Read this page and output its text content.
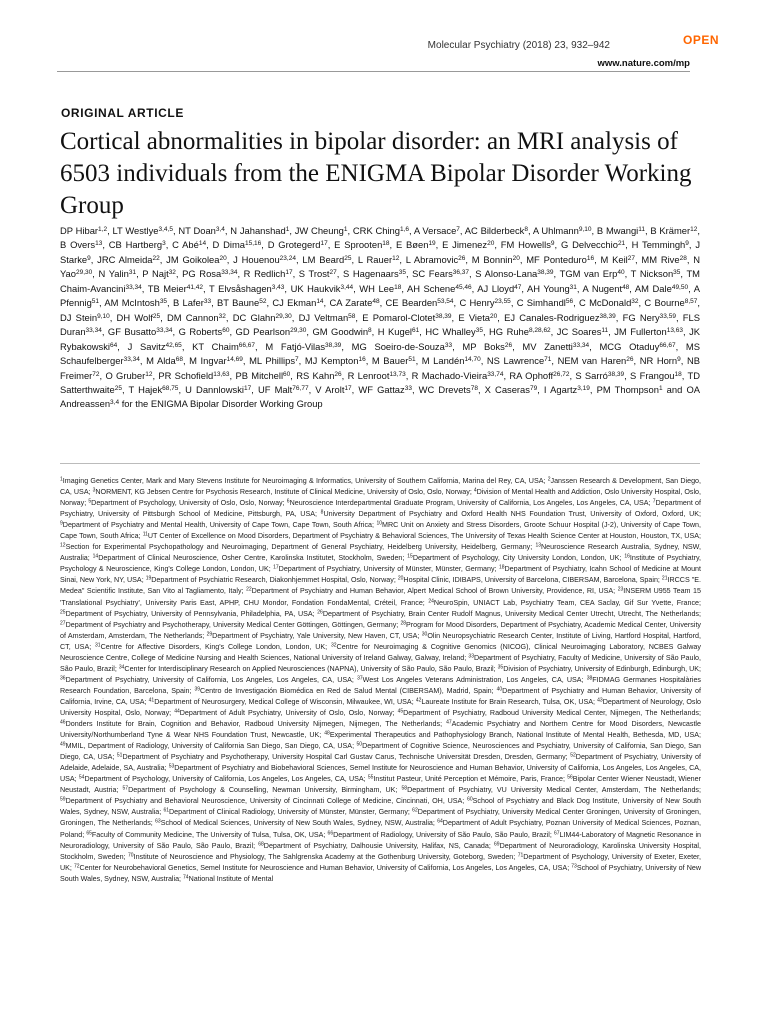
Molecular Psychiatry (2018) 23, 932–942	OPEN
www.nature.com/mp
ORIGINAL ARTICLE
Cortical abnormalities in bipolar disorder: an MRI analysis of 6503 individuals from the ENIGMA Bipolar Disorder Working Group
DP Hibar$^{1,2}$, LT Westlye$^{3,4,5}$, NT Doan$^{3,4}$, N Jahanshad$^1$, JW Cheung$^1$, CRK Ching$^{1,6}$, A Versace$^7$, AC Bilderbeck$^8$, A Uhlmann$^{9,10}$, B Mwangi$^{11}$, B Krämer$^{12}$, B Overs$^{13}$, CB Hartberg$^3$, C Abé$^{14}$, D Dima$^{15,16}$, D Grotegerd$^{17}$, E Sprooten$^{18}$, E Bøen$^{19}$, E Jimenez$^{20}$, FM Howells$^9$, G Delvecchio$^{21}$, H Temmingh$^9$, J Starke$^9$, JRC Almeida$^{22}$, JM Goikolea$^{20}$, J Houenou$^{23,24}$, LM Beard$^{25}$, L Rauer$^{12}$, L Abramovic$^{26}$, M Bonnin$^{20}$, MF Ponteduro$^{16}$, M Keil$^{27}$, MM Rive$^{28}$, N Yao$^{29,30}$, N Yalin$^{31}$, P Najt$^{32}$, PG Rosa$^{33,34}$, R Redlich$^{17}$, S Trost$^{27}$, S Hagenaars$^{35}$, SC Fears$^{36,37}$, S Alonso-Lana$^{38,39}$, TGM van Erp$^{40}$, T Nickson$^{35}$, TM Chaim-Avancini$^{33,34}$, TB Meier$^{41,42}$, T Elvsåshagen$^{3,43}$, UK Haukvik$^{3,44}$, WH Lee$^{18}$, AH Schene$^{45,46}$, AJ Lloyd$^{47}$, AH Young$^{31}$, A Nugent$^{48}$, AM Dale$^{49,50}$, A Pfennig$^{51}$, AM McIntosh$^{35}$, B Lafer$^{33}$, BT Baune$^{52}$, CJ Ekman$^{14}$, CA Zarate$^{48}$, CE Bearden$^{53,54}$, C Henry$^{23,55}$, C Simhandl$^{56}$, C McDonald$^{32}$, C Bourne$^{8,57}$, DJ Stein$^{9,10}$, DH Wolf$^{25}$, DM Cannon$^{32}$, DC Glahn$^{29,30}$, DJ Veltman$^{58}$, E Pomarol-Clotet$^{38,39}$, E Vieta$^{20}$, EJ Canales-Rodriguez$^{38,39}$, FG Nery$^{33,59}$, FLS Duran$^{33,34}$, GF Busatto$^{33,34}$, G Roberts$^{60}$, GD Pearlson$^{29,30}$, GM Goodwin$^8$, H Kugel$^{61}$, HC Whalley$^{35}$, HG Ruhe$^{8,28,62}$, JC Soares$^{11}$, JM Fullerton$^{13,63}$, JK Rybakowski$^{64}$, J Savitz$^{42,65}$, KT Chaim$^{66,67}$, M Fatjó-Vilas$^{38,39}$, MG Soeiro-de-Souza$^{33}$, MP Boks$^{26}$, MV Zanetti$^{33,34}$, MCG Otaduy$^{66,67}$, MS Schaufelberger$^{33,34}$, M Alda$^{68}$, M Ingvar$^{14,69}$, ML Phillips$^7$, MJ Kempton$^{16}$, M Bauer$^{51}$, M Landén$^{14,70}$, NS Lawrence$^{71}$, NEM van Haren$^{26}$, NR Horn$^9$, NB Freimer$^{72}$, O Gruber$^{12}$, PR Schofield$^{13,63}$, PB Mitchell$^{60}$, RS Kahn$^{26}$, R Lenroot$^{13,73}$, R Machado-Vieira$^{33,74}$, RA Ophoff$^{26,72}$, S Sarró$^{38,39}$, S Frangou$^{18}$, TD Satterthwaite$^{25}$, T Hajek$^{68,75}$, U Dannlowski$^{17}$, UF Malt$^{76,77}$, V Arolt$^{17}$, WF Gattaz$^{33}$, WC Drevets$^{78}$, X Caseras$^{79}$, I Agartz$^{3,19}$, PM Thompson$^1$ and OA Andreassen$^{3,4}$ for the ENIGMA Bipolar Disorder Working Group
$^1$Imaging Genetics Center, Mark and Mary Stevens Institute for Neuroimaging & Informatics, University of Southern California, Marina del Rey, CA, USA; $^2$Janssen Research & Development, San Diego, CA, USA; $^3$NORMENT, KG Jebsen Centre for Psychosis Research, Institute of Clinical Medicine, University of Oslo, Oslo, Norway; $^4$Division of Mental Health and Addiction, Oslo University Hospital, Oslo, Norway; $^5$Department of Psychology, University of Oslo, Oslo, Norway; $^6$Neuroscience Interdepartmental Graduate Program, University of California, Los Angeles, Los Angeles, CA, USA; $^7$Department of Psychiatry, University of Pittsburgh School of Medicine, Pittsburgh, PA, USA; $^8$University Department of Psychiatry and Oxford Health NHS Foundation Trust, University of Oxford, Oxford, UK; $^9$Department of Psychiatry and Mental Health, University of Cape Town, Cape Town, South Africa; $^{10}$MRC Unit on Anxiety and Stress Disorders, Groote Schuur Hospital (J-2), University of Cape Town, Cape Town, South Africa; $^{11}$UT Center of Excellence on Mood Disorders, Department of Psychiatry & Behavioral Sciences, The University of Texas Health Science Center at Houston, Houston, TX, USA; $^{12}$Section for Experimental Psychopathology and Neuroimaging, Department of General Psychiatry, Heidelberg University, Heidelberg, Germany; $^{13}$Neuroscience Research Australia, Sydney, NSW, Australia; $^{14}$Department of Clinical Neuroscience, Osher Centre, Karolinska Institutet, Stockholm, Sweden; $^{15}$Department of Psychology, City University London, London, UK; $^{16}$Institute of Psychiatry, Psychology & Neuroscience, King's College London, London, UK; $^{17}$Department of Psychiatry, University of Münster, Münster, Germany; $^{18}$Department of Psychiatry, Icahn School of Medicine at Mount Sinai, New York, NY, USA; $^{19}$Department of Psychiatric Research, Diakonhjemmet Hospital, Oslo, Norway; $^{20}$Hospital Clinic, IDIBAPS, University of Barcelona, CIBERSAM, Barcelona, Spain; $^{21}$IRCCS "E. Medea" Scientific Institute, San Vito al Tagliamento, Italy; $^{22}$Department of Psychiatry and Human Behavior, Alpert Medical School of Brown University, Providence, RI, USA; $^{23}$INSERM U955 Team 15 'Translational Psychiatry', University Paris East, APHP, CHU Mondor, Fondation FondaMental, Créteil, France; $^{24}$NeuroSpin, UNIACT Lab, Psychiatry Team, CEA Saclay, Gif Sur Yvette, France; $^{25}$Department of Psychiatry, University of Pennsylvania, Philadelphia, PA, USA; $^{26}$Department of Psychiatry, Brain Center Rudolf Magnus, University Medical Center Utrecht, Utrecht, The Netherlands; $^{27}$Department of Psychiatry and Psychotherapy, University Medical Center Göttingen, Göttingen, Germany; $^{28}$Program for Mood Disorders, Department of Psychiatry, Academic Medical Center, University of Amsterdam, Amsterdam, The Netherlands; $^{29}$Department of Psychiatry, Yale University, New Haven, CT, USA; $^{30}$Olin Neuropsychiatric Research Center, Institute of Living, Hartford Hospital, Hartford, CT, USA; $^{31}$Centre for Affective Disorders, King's College London, London, UK; $^{32}$Centre for Neuroimaging & Cognitive Genomics (NICOG), Clinical Neuroimaging Laboratory, NCBES Galway Neuroscience Centre, College of Medicine Nursing and Health Sciences, National University of Ireland Galway, Galway, Ireland; $^{33}$Department of Psychiatry, Faculty of Medicine, University of São Paulo, São Paulo, Brazil; $^{34}$Center for Interdisciplinary Research on Applied Neurosciences (NAPNA), University of São Paulo, São Paulo, Brazil; $^{35}$Division of Psychiatry, University of Edinburgh, Edinburgh, UK; $^{36}$Department of Psychiatry, University of California, Los Angeles, Los Angeles, CA, USA; $^{37}$West Los Angeles Veterans Administration, Los Angeles, CA, USA; $^{38}$FIDMAG Germanes Hospitalàries Research Foundation, Barcelona, Spain; $^{39}$Centro de Investigación Biomédica en Red de Salud Mental (CIBERSAM), Madrid, Spain; $^{40}$Department of Psychiatry and Human Behavior, University of California, Irvine, CA, USA; $^{41}$Department of Neurosurgery, Medical College of Wisconsin, Milwaukee, WI, USA; $^{42}$Laureate Institute for Brain Research, Tulsa, OK, USA; $^{43}$Department of Neurology, Oslo University Hospital, Oslo, Norway; $^{44}$Department of Adult Psychiatry, University of Oslo, Oslo, Norway; $^{45}$Department of Psychiatry, Radboud University Medical Center, Nijmegen, The Netherlands; $^{46}$Donders Institute for Brain, Cognition and Behavior, Radboud University Nijmegen, Nijmegen, The Netherlands; $^{47}$Academic Psychiatry and Northern Centre for Mood Disorders, Newcastle University/Northumberland Tyne & Wear NHS Foundation Trust, Newcastle, UK; $^{48}$Experimental Therapeutics and Pathophysiology Branch, National Institute of Mental Health, Bethesda, MD, USA; $^{49}$MMIL, Department of Radiology, University of California San Diego, San Diego, CA, USA; $^{50}$Department of Cognitive Science, Neurosciences and Psychiatry, University of California, San Diego, San Diego, CA, USA; $^{51}$Department of Psychiatry and Psychotherapy, University Hospital Carl Gustav Carus, Technische Universität Dresden, Dresden, Germany; $^{52}$Department of Psychiatry, University of Adelaide, Adelaide, SA, Australia; $^{53}$Department of Psychiatry and Biobehavioral Sciences, Semel Institute for Neuroscience and Human Behavior, University of California, Los Angeles, Los Angeles, CA, USA; $^{54}$Department of Psychology, University of California, Los Angeles, Los Angeles, CA, USA; $^{55}$Institut Pasteur, Unité Perception et Mémoire, Paris, France; $^{56}$Bipolar Center Wiener Neustadt, Wiener Neustadt, Austria; $^{57}$Department of Psychology & Counselling, Newman University, Birmingham, UK; $^{58}$Department of Psychiatry, VU University Medical Center, Amsterdam, The Netherlands; $^{59}$Department of Psychiatry and Behavioral Neuroscience, University of Cincinnati College of Medicine, Cincinnati, OH, USA; $^{60}$School of Psychiatry and Black Dog Institute, University of New South Wales, Sydney, NSW, Australia; $^{61}$Department of Clinical Radiology, University of Münster, Münster, Germany; $^{62}$Department of Psychiatry, University Medical Center Groningen, University of Groningen, Groningen, The Netherlands; $^{63}$School of Medical Sciences, University of New South Wales, Sydney, NSW, Australia; $^{64}$Department of Adult Psychiatry, Poznan University of Medical Sciences, Poznan, Poland; $^{65}$Faculty of Community Medicine, The University of Tulsa, Tulsa, OK, USA; $^{66}$Department of Radiology, University of São Paulo, São Paulo, Brazil; $^{67}$LIM44-Laboratory of Magnetic Resonance in Neuroradiology, University of São Paulo, São Paulo, Brazil; $^{68}$Department of Psychiatry, Dalhousie University, Halifax, NS, Canada; $^{69}$Department of Neuroradiology, Karolinska University Hospital, Stockholm, Sweden; $^{70}$Institute of Neuroscience and Physiology, The Sahlgrenska Academy at the Gothenburg University, Goteborg, Sweden; $^{71}$Department of Psychology, University of Exeter, Exeter, UK; $^{72}$Center for Neurobehavioral Genetics, Semel Institute for Neuroscience and Human Behavior, University of California, Los Angeles, Los Angeles, CA, USA; $^{73}$School of Psychiatry, University of New South Wales, Sydney, NSW, Australia; $^{74}$National Institute of Mental
